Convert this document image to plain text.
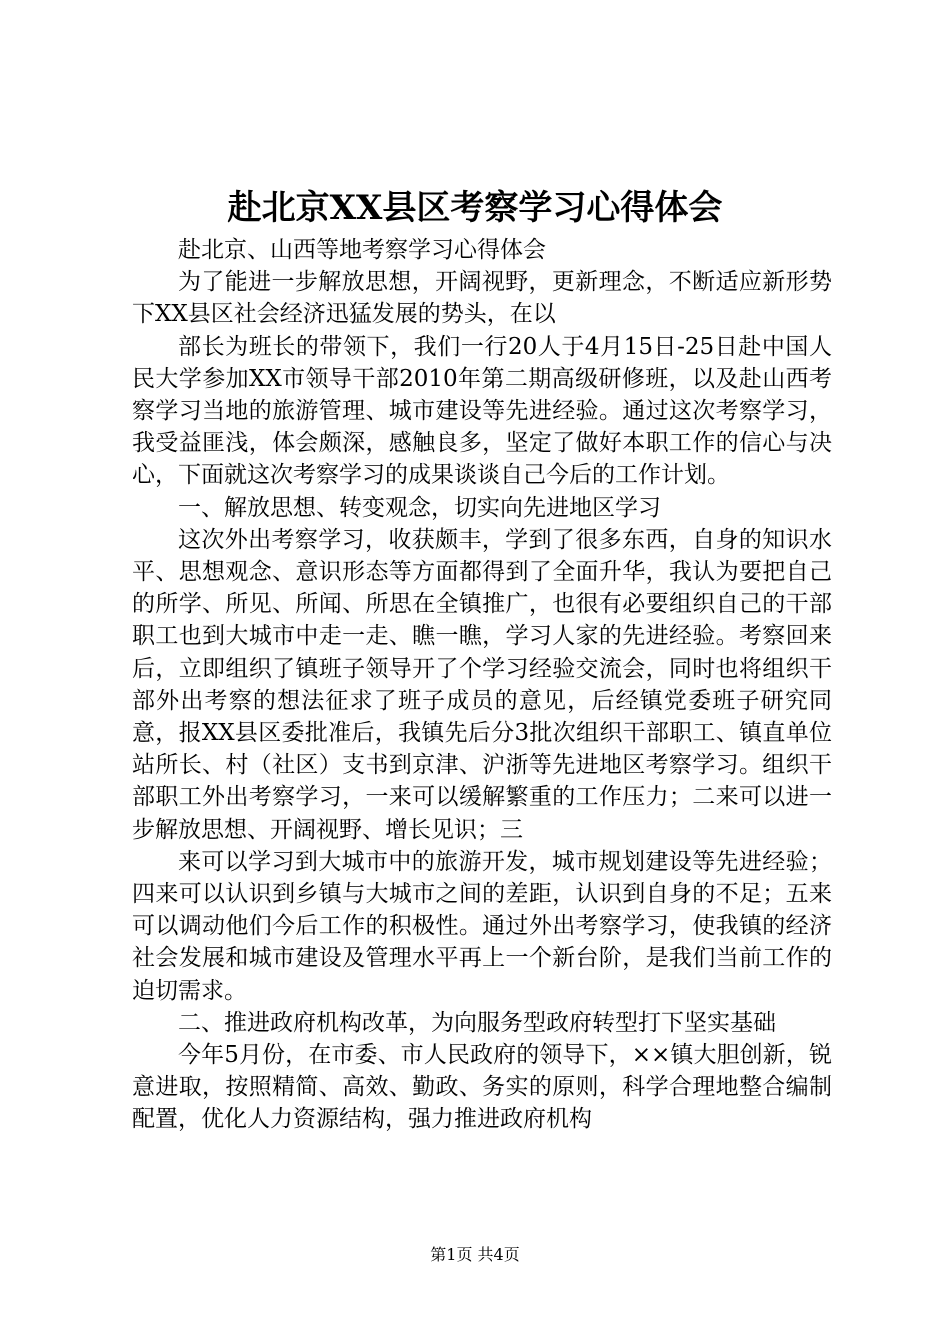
赴北京XX县区考察学习心得体会

赴北京、山西等地考察学习心得体会

为了能进一步解放思想，开阔视野，更新理念，不断适应新形势下XX县区社会经济迅猛发展的势头，在以

部长为班长的带领下，我们一行20人于4月15日-25日赴中国人民大学参加XX市领导干部2010年第二期高级研修班，以及赴山西考察学习当地的旅游管理、城市建设等先进经验。通过这次考察学习，我受益匪浅，体会颇深，感触良多，坚定了做好本职工作的信心与决心，下面就这次考察学习的成果谈谈自己今后的工作计划。

一、解放思想、转变观念，切实向先进地区学习

这次外出考察学习，收获颇丰，学到了很多东西，自身的知识水平、思想观念、意识形态等方面都得到了全面升华，我认为要把自己的所学、所见、所闻、所思在全镇推广，也很有必要组织自己的干部职工也到大城市中走一走、瞧一瞧，学习人家的先进经验。考察回来后，立即组织了镇班子领导开了个学习经验交流会，同时也将组织干部外出考察的想法征求了班子成员的意见，后经镇党委班子研究同意，报XX县区委批准后，我镇先后分3批次组织干部职工、镇直单位站所长、村（社区）支书到京津、沪浙等先进地区考察学习。组织干部职工外出考察学习，一来可以缓解繁重的工作压力；二来可以进一步解放思想、开阔视野、增长见识；三

来可以学习到大城市中的旅游开发，城市规划建设等先进经验；四来可以认识到乡镇与大城市之间的差距，认识到自身的不足；五来可以调动他们今后工作的积极性。通过外出考察学习，使我镇的经济社会发展和城市建设及管理水平再上一个新台阶，是我们当前工作的迫切需求。

二、推进政府机构改革，为向服务型政府转型打下坚实基础

今年5月份，在市委、市人民政府的领导下，××镇大胆创新，锐意进取，按照精简、高效、勤政、务实的原则，科学合理地整合编制配置，优化人力资源结构，强力推进政府机构

第1页 共4页
